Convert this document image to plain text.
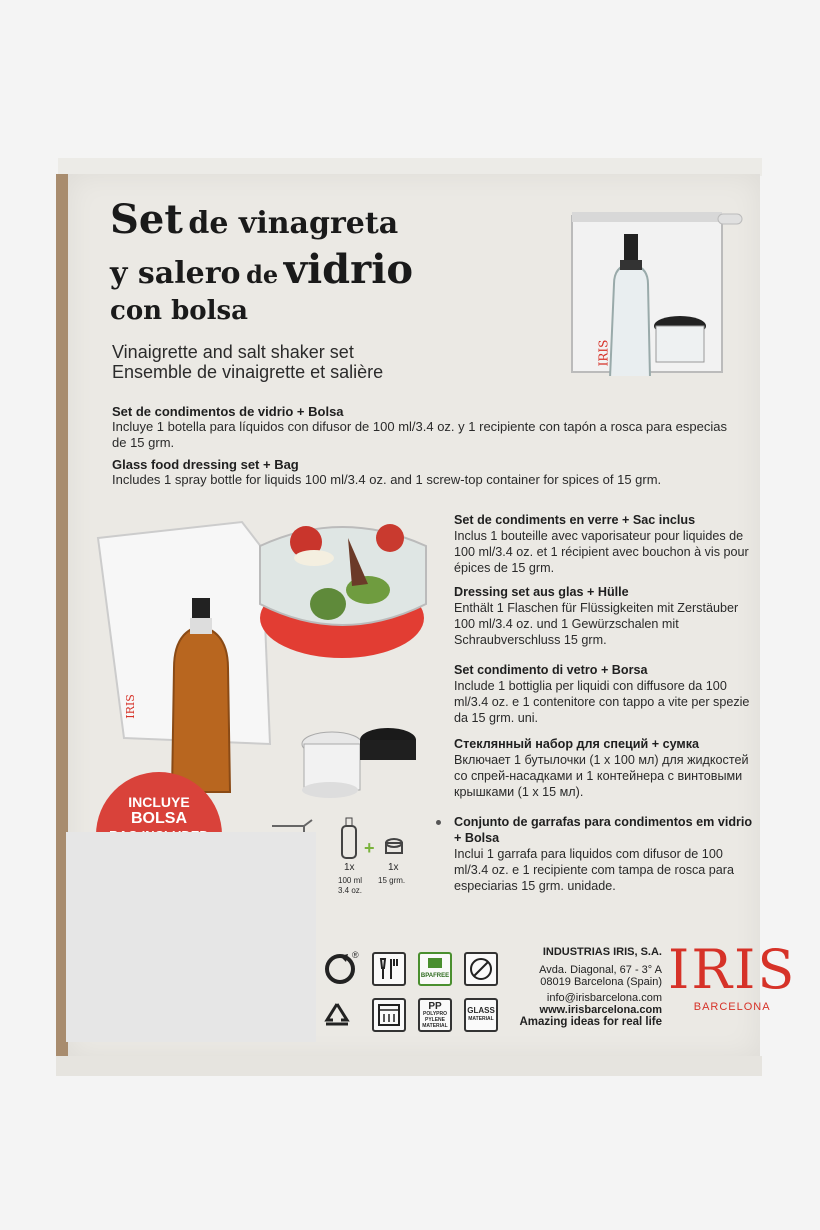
Set de vinagreta
y salero de vidrio
con bolsa
Vinaigrette and salt shaker set
Ensemble de vinaigrette et salière
IRIS
Set de condimentos de vidrio + Bolsa
Incluye 1 botella para líquidos con difusor de 100 ml/3.4 oz. y 1 recipiente con tapón a rosca para especias de 15 grm.
Glass food dressing set + Bag
Includes 1 spray bottle for liquids 100 ml/3.4 oz. and 1 screw-top container for spices of 15 grm.
IRIS
INCLUYE
BOLSA
+
1x
100 ml
3.4 oz.
1x
15 grm.
Set de condiments en verre + Sac inclus
Inclus 1 bouteille avec vaporisateur pour liquides de 100 ml/3.4 oz. et 1 récipient avec bouchon à vis pour épices de 15 grm.
Dressing set aus glas + Hülle
Enthält 1 Flaschen für Flüssigkeiten mit Zerstäuber 100 ml/3.4 oz. und 1 Gewürzschalen mit Schraubverschluss 15 grm.
Set condimento di vetro + Borsa
Include 1 bottiglia per liquidi con diffusore da 100 ml/3.4 oz. e 1 contenitore con tappo a vite per spezie da 15 grm. uni.
Стеклянный набор для специй + сумка
Включает 1 бутылочки (1 x 100 мл) для жидкостей со спрей-насадками и 1 контейнера с винтовыми крышками (1 x 15 мл).
Conjunto de garrafas para condimentos em vidrio + Bolsa
Inclui 1 garrafa para liquidos com difusor de 100 ml/3.4 oz. e 1 recipiente com tampa de rosca para especiarias 15 grm. unidade.
®
BPAFREE
PP
POLYPRO
PYLENE
MATERIAL
GLASS
MATERIAL
INDUSTRIAS IRIS, S.A.
Avda. Diagonal, 67 - 3° A
08019 Barcelona (Spain)
info@irisbarcelona.com
www.irisbarcelona.com
Amazing ideas for real life
IRIS
BARCELONA
